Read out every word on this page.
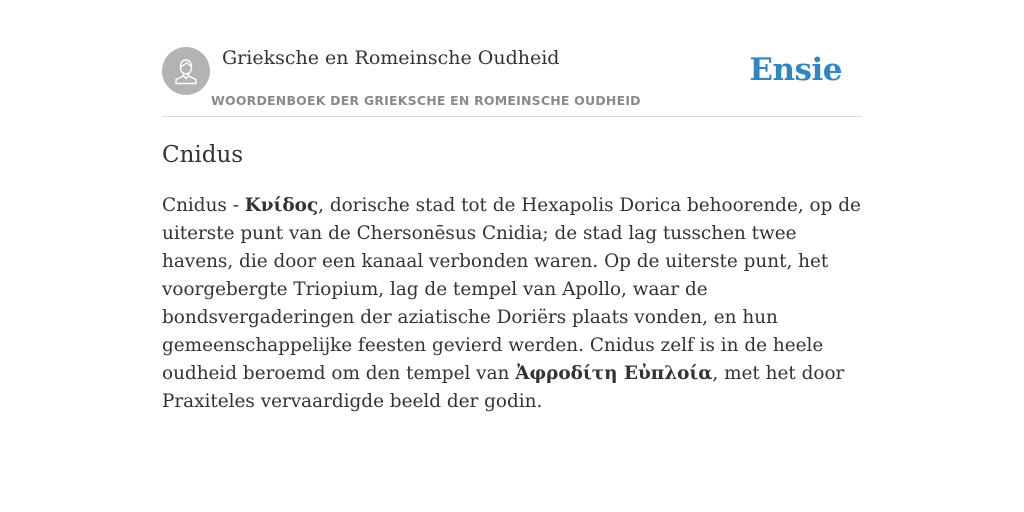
Grieksche en Romeinsche Oudheid
WOORDENBOEK DER GRIEKSCHE EN ROMEINSCHE OUDHEID
Ensie
Cnidus

Cnidus - Κνίδος, dorische stad tot de Hexapolis Dorica behoorende, op de uiterste punt van de Chersonēsus Cnidia; de stad lag tusschen twee havens, die door een kanaal verbonden waren. Op de uiterste punt, het voorgebergte Triopium, lag de tempel van Apollo, waar de bondsvergaderingen der aziatische Doriërs plaats vonden, en hun gemeenschappelijke feesten gevierd werden. Cnidus zelf is in de heele oudheid beroemd om den tempel van Ἀφροδίτη Εὐπλοία, met het door Praxiteles vervaardigde beeld der godin.
